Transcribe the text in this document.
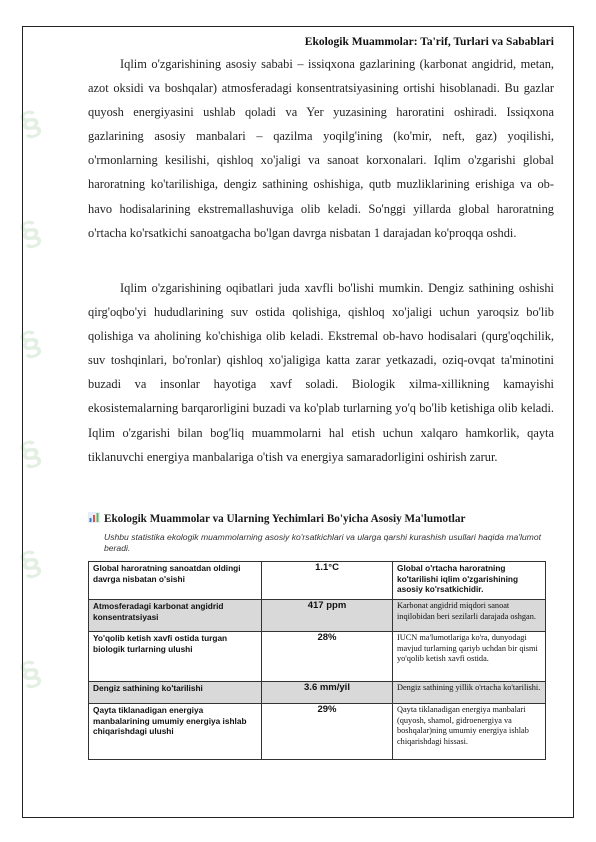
§
§
§
§
§
§
Ekologik Muammolar: Ta'rif, Turlari va Sabablari

Iqlim o'zgarishining asosiy sababi – issiqxona gazlarining (karbonat angidrid, metan, azot oksidi va boshqalar) atmosferadagi konsentratsiyasining ortishi hisoblanadi. Bu gazlar quyosh energiyasini ushlab qoladi va Yer yuzasining haroratini oshiradi. Issiqxona gazlarining asosiy manbalari – qazilma yoqilg'ining (ko'mir, neft, gaz) yoqilishi, o'rmonlarning kesilishi, qishloq xo'jaligi va sanoat korxonalari. Iqlim o'zgarishi global haroratning ko'tarilishiga, dengiz sathining oshishiga, qutb muzliklarining erishiga va ob-havo hodisalarining ekstremallashuviga olib keladi. So'nggi yillarda global haroratning o'rtacha ko'rsatkichi sanoatgacha bo'lgan davrga nisbatan 1 darajadan ko'proqqa oshdi.

Iqlim o'zgarishining oqibatlari juda xavfli bo'lishi mumkin. Dengiz sathining oshishi qirg'oqbo'yi hududlarining suv ostida qolishiga, qishloq xo'jaligi uchun yaroqsiz bo'lib qolishiga va aholining ko'chishiga olib keladi. Ekstremal ob-havo hodisalari (qurg'oqchilik, suv toshqinlari, bo'ronlar) qishloq xo'jaligiga katta zarar yetkazadi, oziq-ovqat ta'minotini buzadi va insonlar hayotiga xavf soladi. Biologik xilma-xillikning kamayishi ekosistemalarning barqarorligini buzadi va ko'plab turlarning yo'q bo'lib ketishiga olib keladi. Iqlim o'zgarishi bilan bog'liq muammolarni hal etish uchun xalqaro hamkorlik, qayta tiklanuvchi energiya manbalariga o'tish va energiya samaradorligini oshirish zarur.

Ekologik Muammolar va Ularning Yechimlari Bo'yicha Asosiy Ma'lumotlar
Ushbu statistika ekologik muammolarning asosiy ko'rsatkichlari va ularga qarshi kurashish usullari haqida ma'lumot beradi.
Global haroratning sanoatdan oldingi davrga nisbatan o'sishi	1.1°C	Global o'rtacha haroratning ko'tarilishi iqlim o'zgarishining asosiy ko'rsatkichidir.
Atmosferadagi karbonat angidrid konsentratsiyasi	417 ppm	Karbonat angidrid miqdori sanoat inqilobidan beri sezilarli darajada oshgan.
Yo'qolib ketish xavfi ostida turgan biologik turlarning ulushi	28%	IUCN ma'lumotlariga ko'ra, dunyodagi mavjud turlarning qariyb uchdan bir qismi yo'qolib ketish xavfi ostida.
Dengiz sathining ko'tarilishi	3.6 mm/yil	Dengiz sathining yillik o'rtacha ko'tarilishi.
Qayta tiklanadigan energiya manbalarining umumiy energiya ishlab chiqarishdagi ulushi	29%	Qayta tiklanadigan energiya manbalari (quyosh, shamol, gidroenergiya va boshqalar)ning umumiy energiya ishlab chiqarishdagi hissasi.
